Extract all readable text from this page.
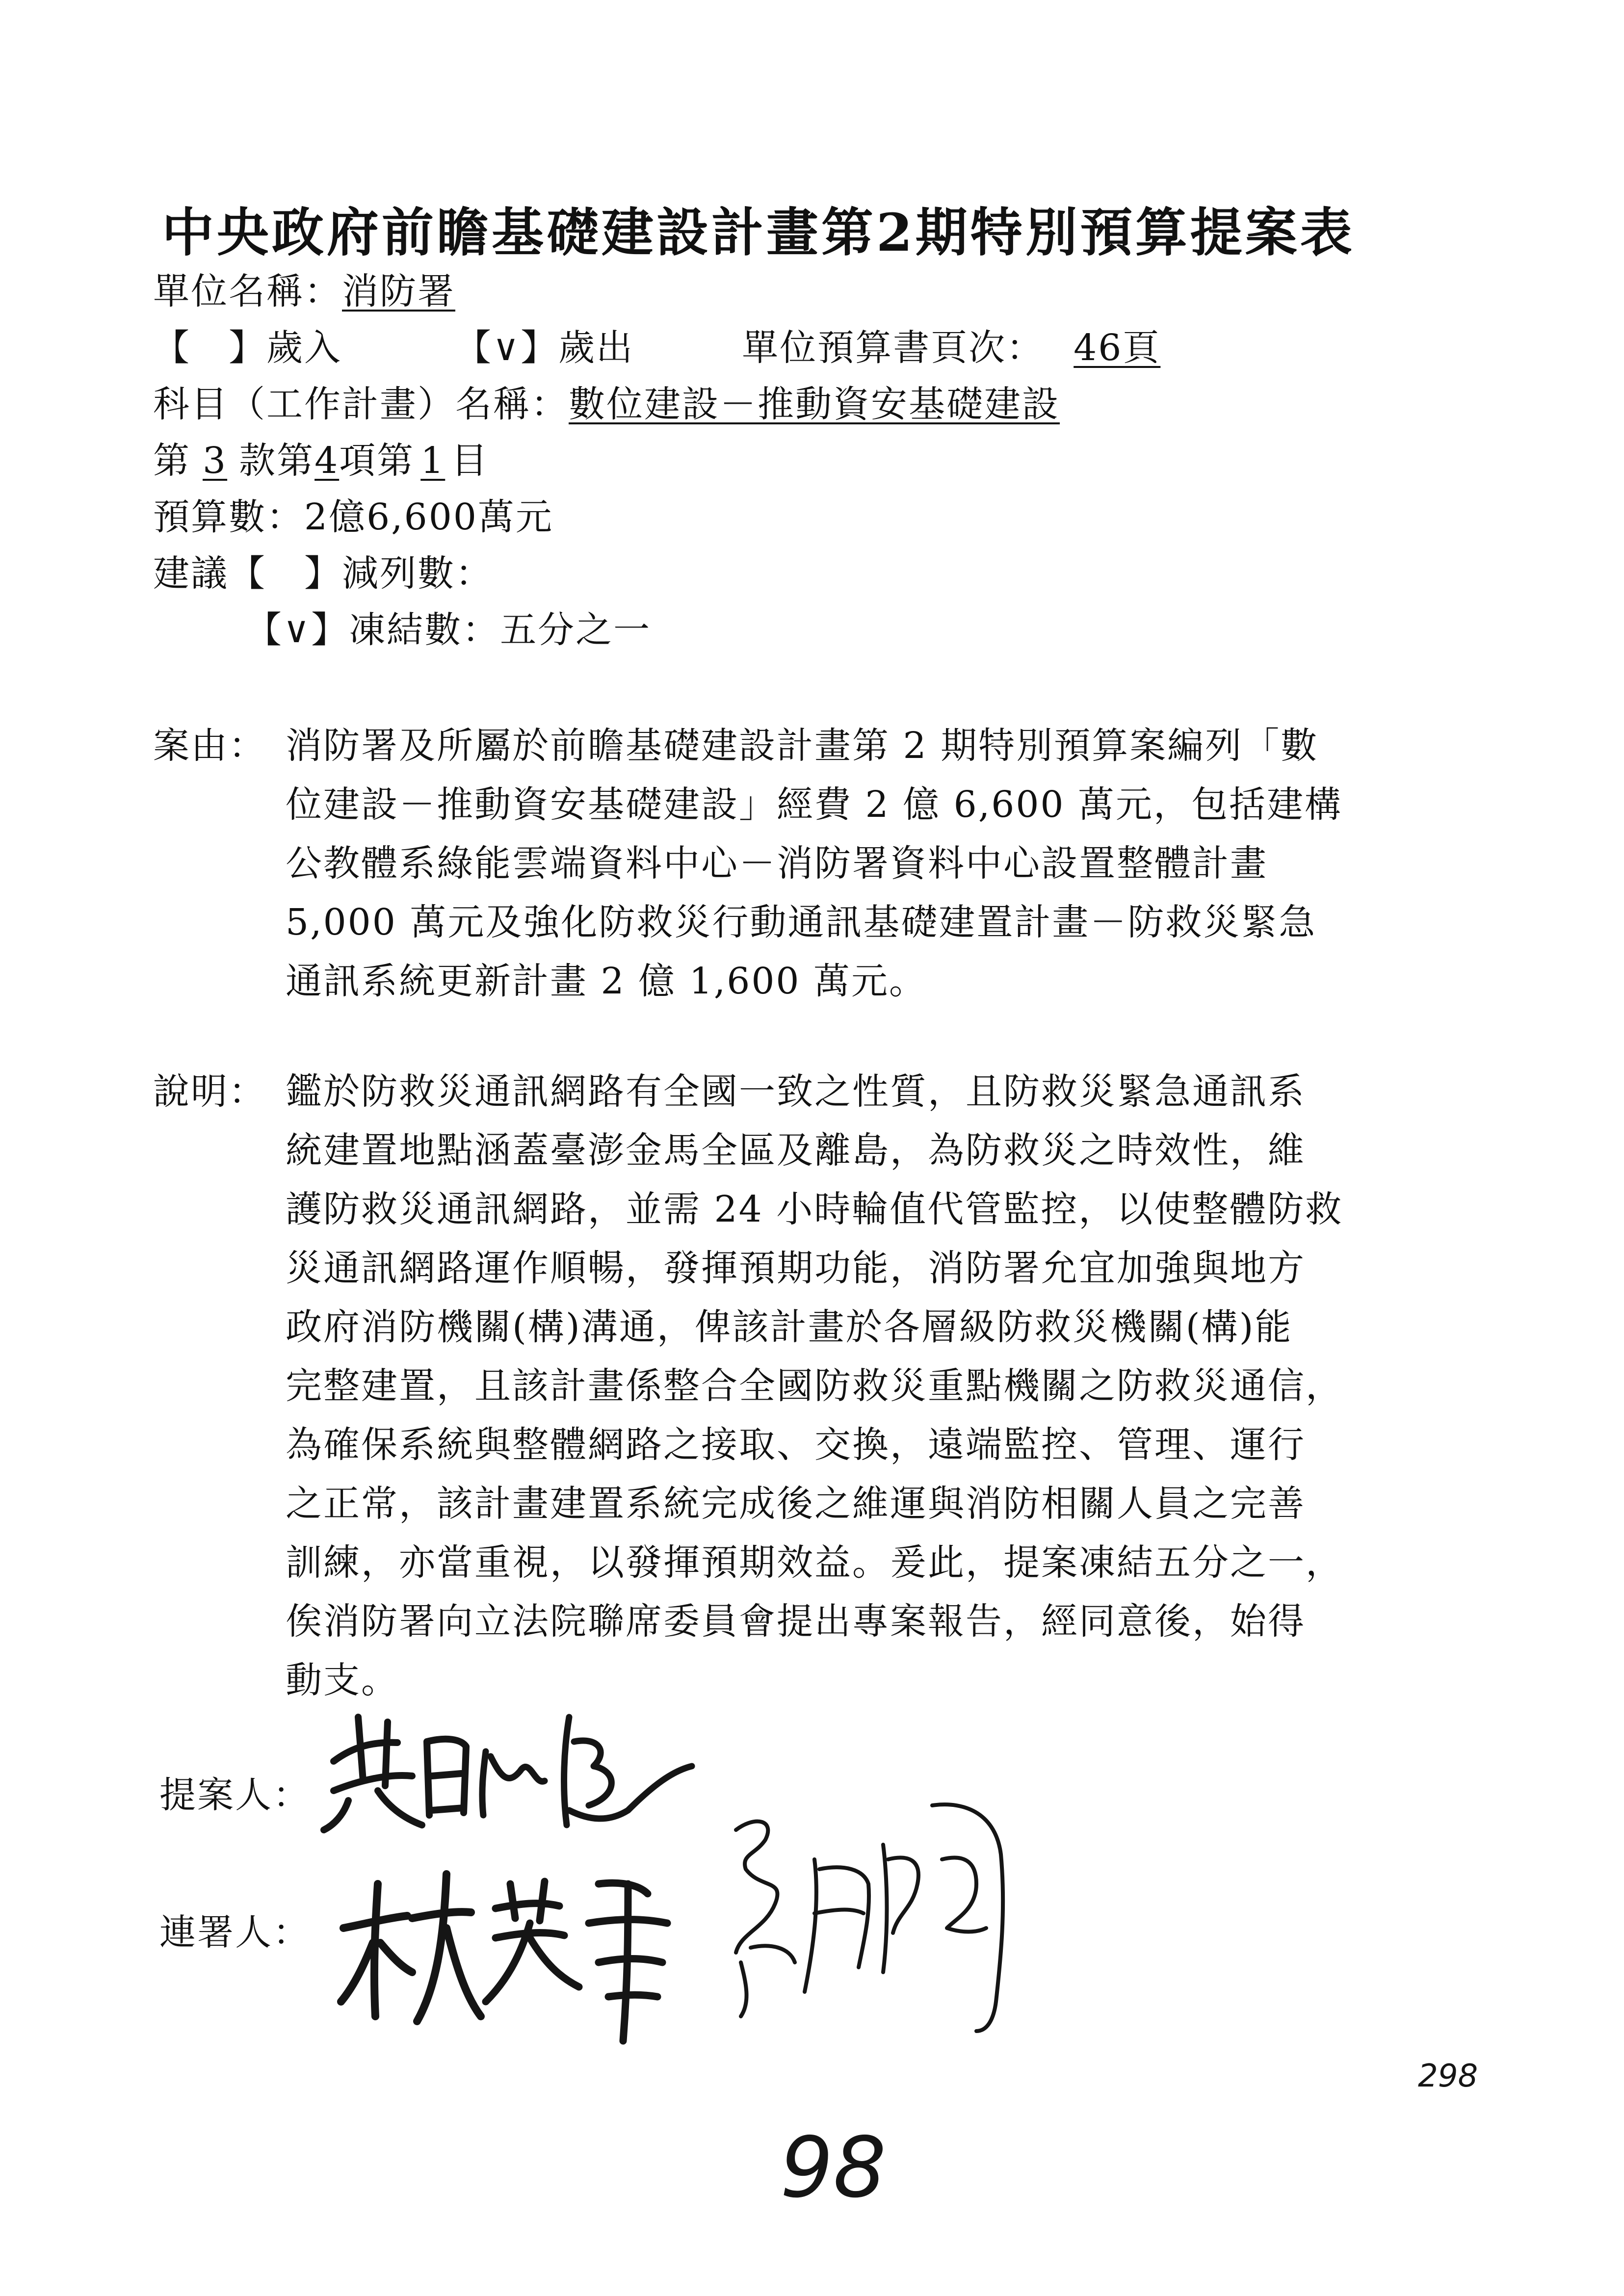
中央政府前瞻基礎建設計畫第2期特別預算提案表
單位名稱：消防署
【　】歲入	【∨】歲出	單位預算書頁次： 46頁
科目（工作計畫）名稱：數位建設－推動資安基礎建設
第 3 款第4項第 1 目
預算數：2億6,600萬元
建議【　】減列數：
【∨】凍結數：五分之一
案由： 消防署及所屬於前瞻基礎建設計畫第 2 期特別預算案編列「數
位建設－推動資安基礎建設」經費 2 億 6,600 萬元，包括建構
公教體系綠能雲端資料中心－消防署資料中心設置整體計畫
5,000 萬元及強化防救災行動通訊基礎建置計畫－防救災緊急
通訊系統更新計畫 2 億 1,600 萬元。
說明： 鑑於防救災通訊網路有全國一致之性質，且防救災緊急通訊系
統建置地點涵蓋臺澎金馬全區及離島，為防救災之時效性，維
護防救災通訊網路，並需 24 小時輪值代管監控，以使整體防救
災通訊網路運作順暢，發揮預期功能，消防署允宜加強與地方
政府消防機關(構)溝通，俾該計畫於各層級防救災機關(構)能
完整建置，且該計畫係整合全國防救災重點機關之防救災通信，
為確保系統與整體網路之接取、交換，遠端監控、管理、運行
之正常，該計畫建置系統完成後之維運與消防相關人員之完善
訓練，亦當重視，以發揮預期效益。爰此，提案凍結五分之一，
俟消防署向立法院聯席委員會提出專案報告，經同意後，始得
動支。
提案人：
連署人：
98
298
